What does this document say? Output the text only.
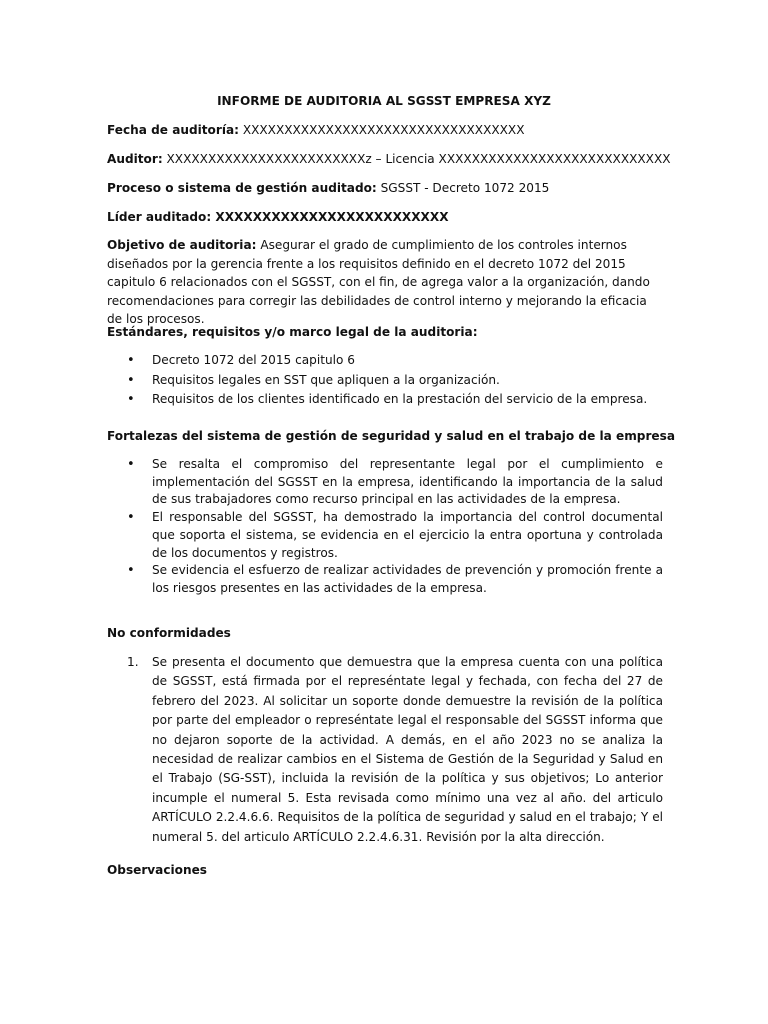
INFORME DE AUDITORIA AL SGSST EMPRESA XYZ
Fecha de auditoría: XXXXXXXXXXXXXXXXXXXXXXXXXXXXXXXXXX
Auditor: XXXXXXXXXXXXXXXXXXXXXXXXz – Licencia XXXXXXXXXXXXXXXXXXXXXXXXXXXX
Proceso o sistema de gestión auditado: SGSST - Decreto 1072 2015
Líder auditado: XXXXXXXXXXXXXXXXXXXXXXXXX
Objetivo de auditoria: Asegurar el grado de cumplimiento de los controles internos diseñados por la gerencia frente a los requisitos definido en el decreto 1072 del 2015 capitulo 6 relacionados con el SGSST, con el fin, de agrega valor a la organización, dando recomendaciones para corregir las debilidades de control interno y mejorando la eficacia de los procesos.
Estándares, requisitos y/o marco legal de la auditoria:
• Decreto 1072 del 2015 capitulo 6
• Requisitos legales en SST que apliquen a la organización.
• Requisitos de los clientes identificado en la prestación del servicio de la empresa.
Fortalezas del sistema de gestión de seguridad y salud en el trabajo de la empresa
• Se resalta el compromiso del representante legal por el cumplimiento e implementación del SGSST en la empresa, identificando la importancia de la salud de sus trabajadores como recurso principal en las actividades de la empresa.
• El responsable del SGSST, ha demostrado la importancia del control documental que soporta el sistema, se evidencia en el ejercicio la entra oportuna y controlada de los documentos y registros.
• Se evidencia el esfuerzo de realizar actividades de prevención y promoción frente a los riesgos presentes en las actividades de la empresa.
No conformidades
1. Se presenta el documento que demuestra que la empresa cuenta con una política de SGSST, está firmada por el represéntate legal y fechada, con fecha del 27 de febrero del 2023. Al solicitar un soporte donde demuestre la revisión de la política por parte del empleador o represéntate legal el responsable del SGSST informa que no dejaron soporte de la actividad. A demás, en el año 2023 no se analiza la necesidad de realizar cambios en el Sistema de Gestión de la Seguridad y Salud en el Trabajo (SG-SST), incluida la revisión de la política y sus objetivos; Lo anterior incumple el numeral 5. Esta revisada como mínimo una vez al año. del articulo ARTÍCULO 2.2.4.6.6. Requisitos de la política de seguridad y salud en el trabajo; Y el numeral 5. del articulo ARTÍCULO 2.2.4.6.31. Revisión por la alta dirección.
Observaciones
